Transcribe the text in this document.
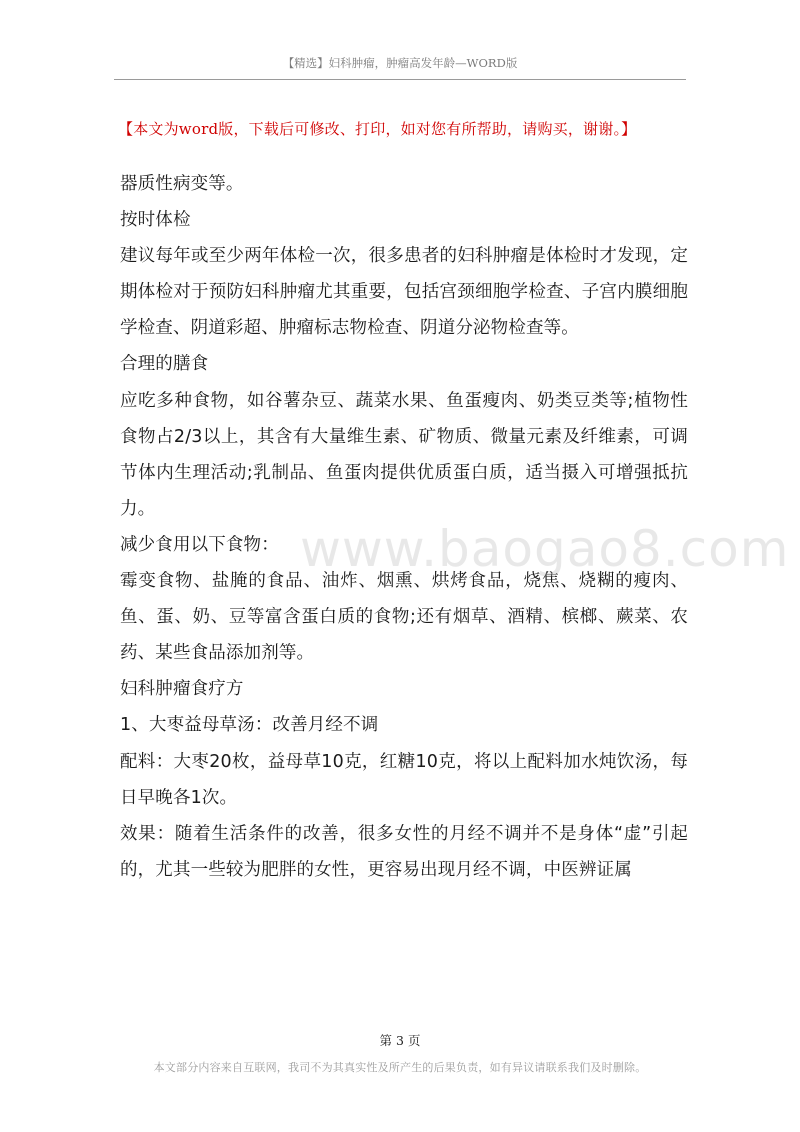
【精选】妇科肿瘤，肿瘤高发年龄—WORD版
【本文为word版，下载后可修改、打印，如对您有所帮助，请购买，谢谢。】

器质性病变等。

按时体检

建议每年或至少两年体检一次，很多患者的妇科肿瘤是体检时才发现，定期体检对于预防妇科肿瘤尤其重要，包括宫颈细胞学检查、子宫内膜细胞学检查、阴道彩超、肿瘤标志物检查、阴道分泌物检查等。

合理的膳食

应吃多种食物，如谷薯杂豆、蔬菜水果、鱼蛋瘦肉、奶类豆类等;植物性食物占2/3以上，其含有大量维生素、矿物质、微量元素及纤维素，可调节体内生理活动;乳制品、鱼蛋肉提供优质蛋白质，适当摄入可增强抵抗力。

减少食用以下食物：

霉变食物、盐腌的食品、油炸、烟熏、烘烤食品，烧焦、烧糊的瘦肉、鱼、蛋、奶、豆等富含蛋白质的食物;还有烟草、酒精、槟榔、蕨菜、农药、某些食品添加剂等。

妇科肿瘤食疗方

1、大枣益母草汤：改善月经不调

配料：大枣20枚，益母草10克，红糖10克，将以上配料加水炖饮汤，每日早晚各1次。

效果：随着生活条件的改善，很多女性的月经不调并不是身体“虚”引起的，尤其一些较为肥胖的女性，更容易出现月经不调，中医辨证属

www.baogao8.com
第 3 页
本文部分内容来自互联网，我司不为其真实性及所产生的后果负责，如有异议请联系我们及时删除。
